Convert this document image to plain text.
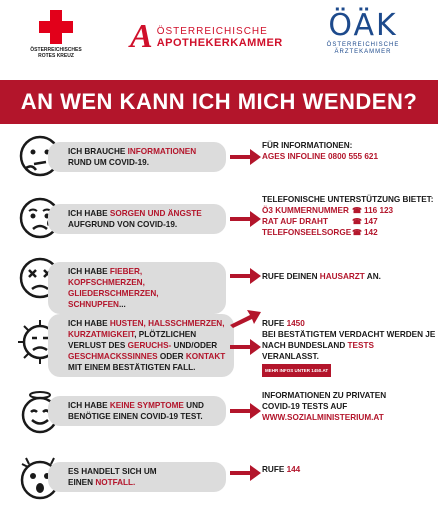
ÖSTERREICHISCHES ROTES KREUZ
A ÖSTERREICHISCHE
APOTHEKERKAMMER	ÖÄK
ÖSTERREICHISCHE
ÄRZTEKAMMER
AN WEN KANN ICH MICH WENDEN?
ICH BRAUCHE INFORMATIONEN
RUND UM COVID-19.
FÜR INFORMATIONEN:
AGES INFOLINE 0800 555 621
ICH HABE SORGEN UND ÄNGSTE
AUFGRUND VON COVID-19.
TELEFONISCHE UNTERSTÜTZUNG BIETET:
Ö3 KUMMERNUMMER ☎ 116 123
RAT AUF DRAHT	☎ 147
TELEFONSEELSORGE ☎ 142
ICH HABE FIEBER, KOPFSCHMERZEN,
GLIEDERSCHMERZEN, SCHNUPFEN...
RUFE DEINEN HAUSARZT AN.
ICH HABE HUSTEN, HALSSCHMERZEN,
KURZATMIGKEIT, PLÖTZLICHEN
VERLUST DES GERUCHS- UND/ODER
GESCHMACKSSINNES ODER KONTAKT
MIT EINEM BESTÄTIGTEN FALL.
RUFE 1450
BEI BESTÄTIGTEM VERDACHT WERDEN JE
NACH BUNDESLAND TESTS
VERANLASST.
MEHR INFOS UNTER 1450.AT
ICH HABE KEINE SYMPTOME UND
BENÖTIGE EINEN COVID-19 TEST.
INFORMATIONEN ZU PRIVATEN
COVID-19 TESTS AUF
WWW.SOZIALMINISTERIUM.AT
ES HANDELT SICH UM
EINEN NOTFALL.
RUFE 144
